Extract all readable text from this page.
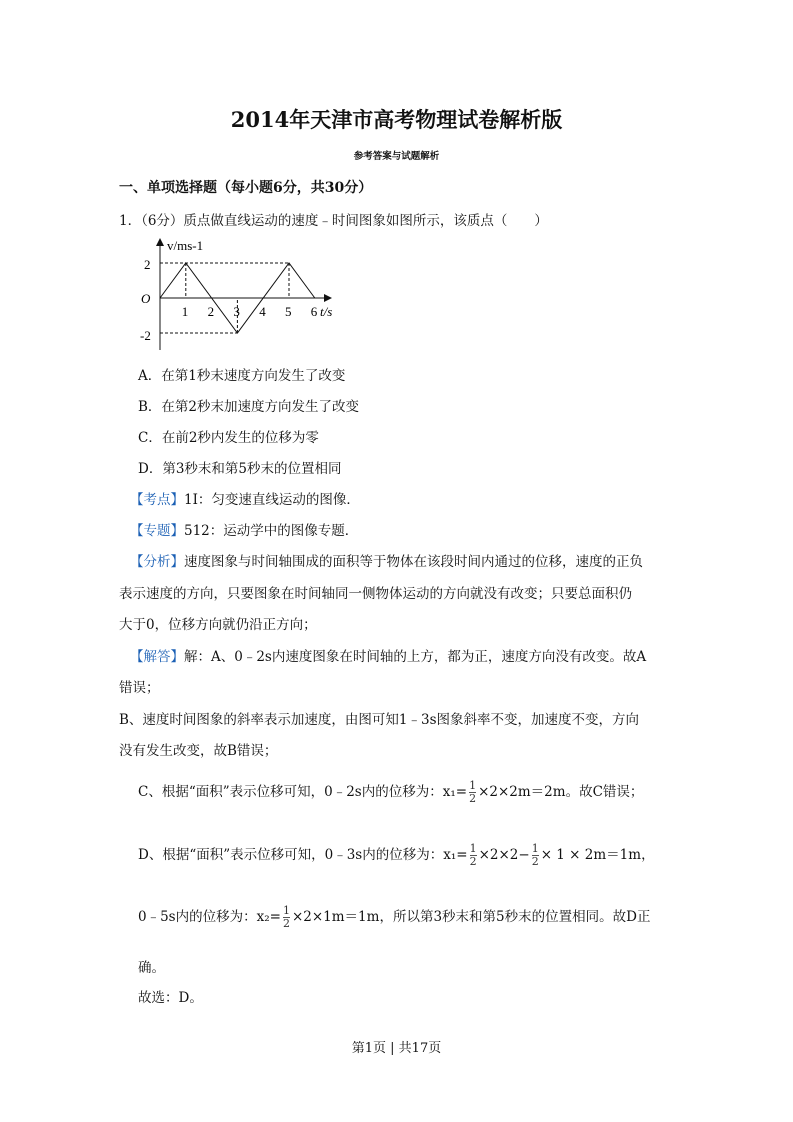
2014年天津市高考物理试卷解析版
参考答案与试题解析
一、单项选择题（每小题6分，共30分）
1．（6分）质点做直线运动的速度﹣时间图象如图所示，该质点（　　）
v/ms-1
t/s
O
2
-2
1 2 3 4 5 6
A．在第1秒末速度方向发生了改变
B．在第2秒末加速度方向发生了改变
C．在前2秒内发生的位移为零
D．第3秒末和第5秒末的位置相同
【考点】1I：匀变速直线运动的图像．
【专题】512：运动学中的图像专题．
【分析】速度图象与时间轴围成的面积等于物体在该段时间内通过的位移，速度的正负
表示速度的方向，只要图象在时间轴同一侧物体运动的方向就没有改变；只要总面积仍
大于0，位移方向就仍沿正方向；
【解答】解：A、0﹣2s内速度图象在时间轴的上方，都为正，速度方向没有改变。故A
错误；
B、速度时间图象的斜率表示加速度，由图可知1﹣3s图象斜率不变，加速度不变，方向
没有发生改变，故B错误；
C、根据“面积”表示位移可知，0﹣2s内的位移为：$x_1= \frac{1}{2} \times 2\times 2m=2m$。故C错误；
D、根据“面积”表示位移可知，0﹣3s内的位移为：$x_1= \frac{1}{2} \times 2\times 2- \frac{1}{2} \times 1 \times 2m=1m$，
0﹣5s内的位移为：$x_2= \frac{1}{2} \times 2\times 1m=1m$，所以第3秒末和第5秒末的位置相同。故D正
确。
故选：D。
第1页 | 共17页
